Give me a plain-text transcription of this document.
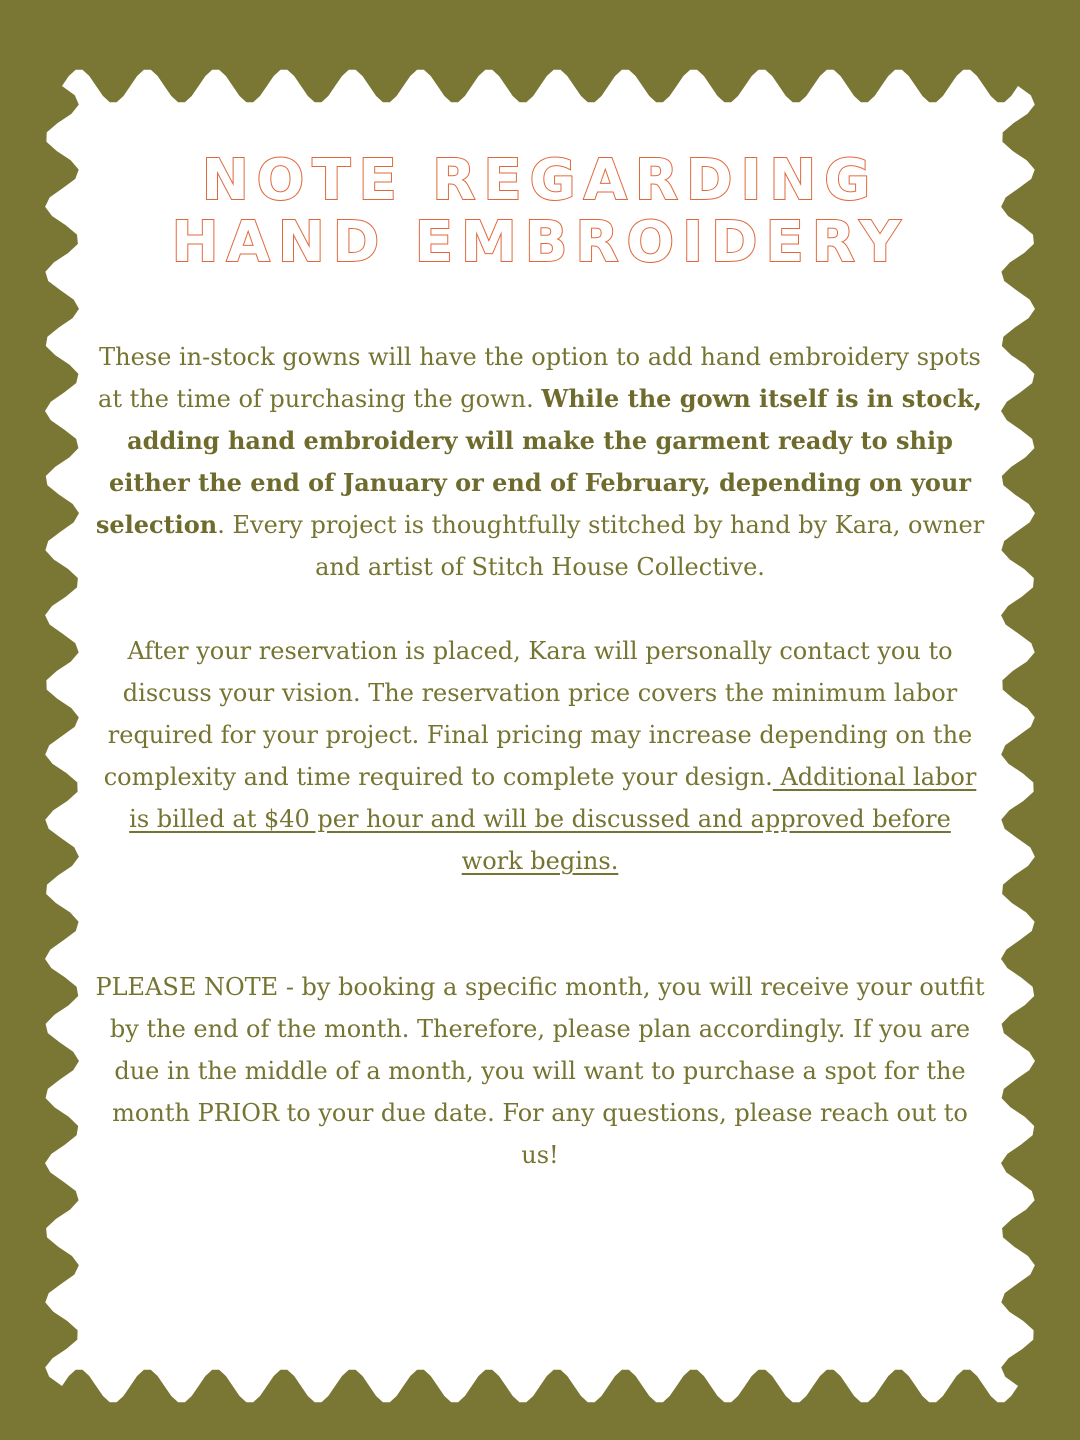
NOTE REGARDING
HAND EMBROIDERY

These in-stock gowns will have the option to add hand embroidery spots at the time of purchasing the gown. While the gown itself is in stock, adding hand embroidery will make the garment ready to ship either the end of January or end of February, depending on your selection. Every project is thoughtfully stitched by hand by Kara, owner and artist of Stitch House Collective.

After your reservation is placed, Kara will personally contact you to discuss your vision. The reservation price covers the minimum labor required for your project. Final pricing may increase depending on the complexity and time required to complete your design. Additional labor is billed at $40 per hour and will be discussed and approved before work begins.

PLEASE NOTE - by booking a specific month, you will receive your outfit by the end of the month. Therefore, please plan accordingly. If you are due in the middle of a month, you will want to purchase a spot for the month PRIOR to your due date. For any questions, please reach out to us!
